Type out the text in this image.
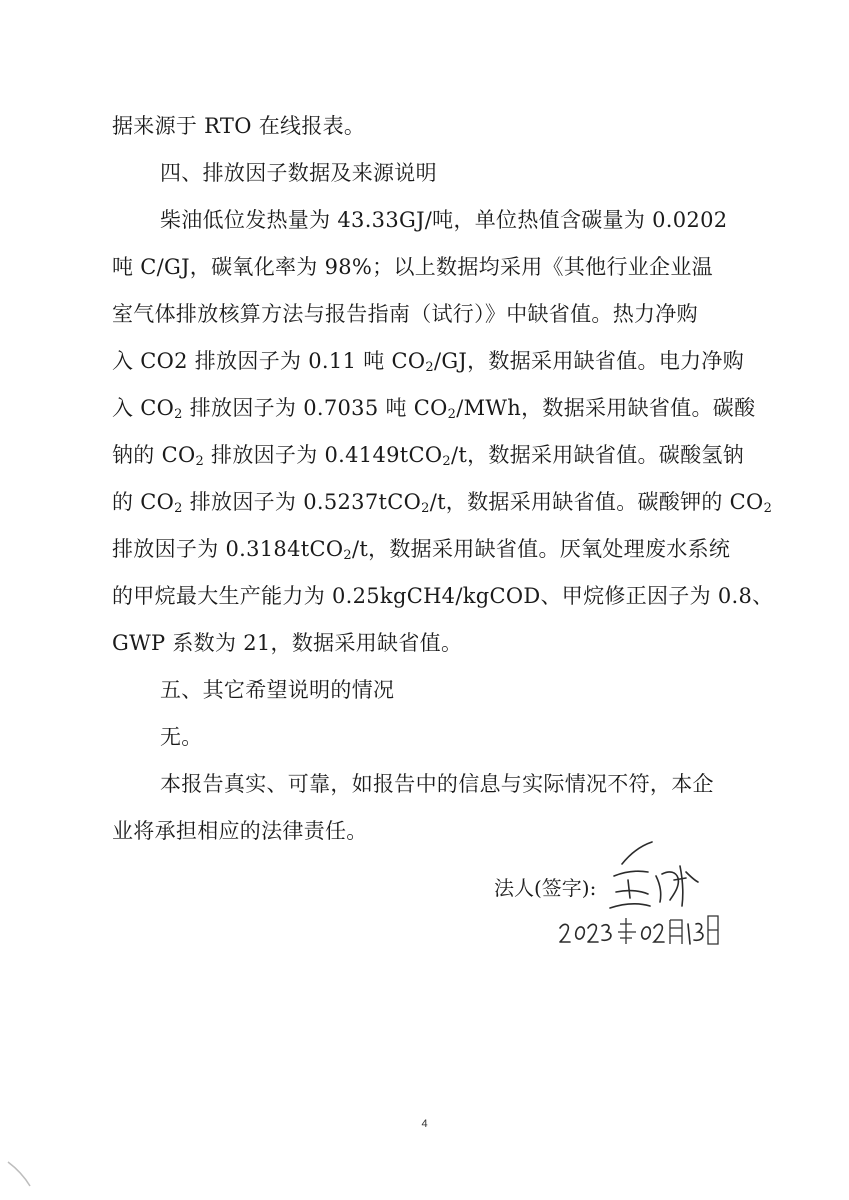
据来源于 RTO 在线报表。
四、排放因子数据及来源说明
柴油低位发热量为 43.33GJ/吨，单位热值含碳量为 0.0202
吨 C/GJ，碳氧化率为 98%；以上数据均采用《其他行业企业温
室气体排放核算方法与报告指南（试行）》中缺省值。热力净购
入 CO2 排放因子为 0.11 吨 $CO_2/GJ$，数据采用缺省值。电力净购
入 $CO_2$ 排放因子为 0.7035 吨 $CO_2$/MWh，数据采用缺省值。碳酸
钠的 $CO_2$ 排放因子为 0.4149tCO$_2$/t，数据采用缺省值。碳酸氢钠
的 $CO_2$ 排放因子为 0.5237tCO$_2$/t，数据采用缺省值。碳酸钾的 $CO_2$
排放因子为 0.3184tCO$_2$/t，数据采用缺省值。厌氧处理废水系统
的甲烷最大生产能力为 0.25kgCH4/kgCOD、甲烷修正因子为 0.8、
GWP 系数为 21，数据采用缺省值。
五、其它希望说明的情况
无。
本报告真实、可靠，如报告中的信息与实际情况不符，本企
业将承担相应的法律责任。
法人(签字):
4
